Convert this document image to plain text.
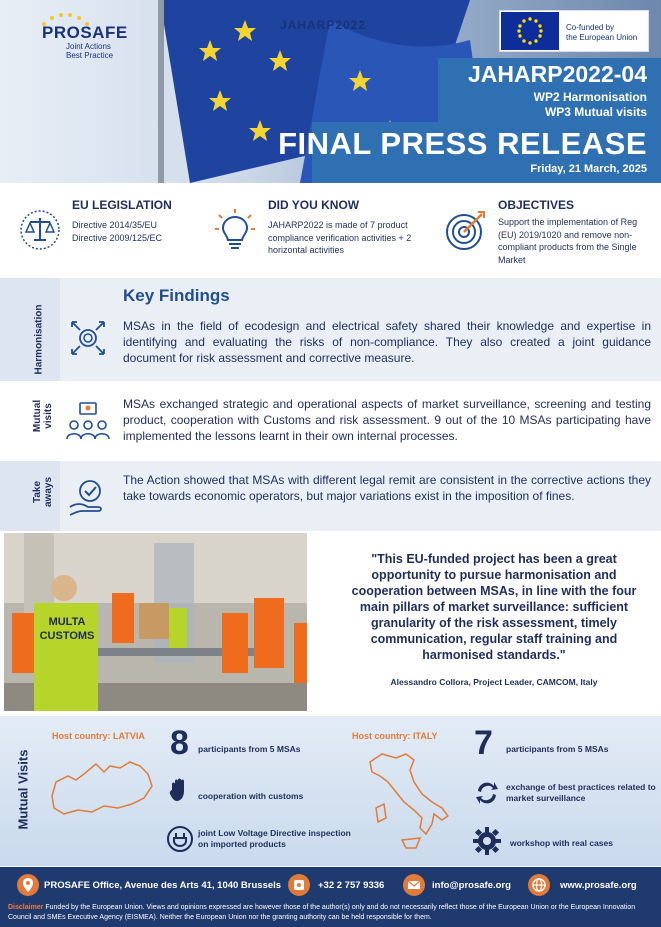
PROSAFE
Joint Actions
Best Practice
JAHARP2022	Co-funded by
the European Union
JAHARP2022-04
WP2 Harmonisation
WP3 Mutual visits
FINAL PRESS RELEASE
Friday, 21 March, 2025
EU LEGISLATION
Directive 2014/35/EU
Directive 2009/125/EC
DID YOU KNOW
JAHARP2022 is made of 7 product compliance verification activities + 2 horizontal activities
OBJECTIVES
Support the implementation of Reg (EU) 2019/1020 and remove non-compliant products from the Single Market
Key Findings
Harmonisation	MSAs in the field of ecodesign and electrical safety shared their knowledge and expertise in identifying and evaluating the risks of non-compliance. They also created a joint guidance document for risk assessment and corrective measure.
Mutual visits	MSAs exchanged strategic and operational aspects of market surveillance, screening and testing product, cooperation with Customs and risk assessment. 9 out of the 10 MSAs participating have implemented the lessons learnt in their own internal processes.
Take aways	The Action showed that MSAs with different legal remit are consistent in the corrective actions they take towards economic operators, but major variations exist in the imposition of fines.
MULTA
CUSTOMS
"This EU-funded project has been a great opportunity to pursue harmonisation and cooperation between MSAs, in line with the four main pillars of market surveillance: sufficient granularity of the risk assessment, timely communication, regular staff training and harmonised standards."
Alessandro Collora, Project Leader, CAMCOM, Italy
Mutual Visits
Host country: LATVIA 8 participants from 5 MSAs
cooperation with customs
joint Low Voltage Directive inspection on imported products
Host country: ITALY 7 participants from 5 MSAs
exchange of best practices related to market surveillance
workshop with real cases
PROSAFE Office, Avenue des Arts 41, 1040 Brussels	+32 2 757 9336	info@prosafe.org	www.prosafe.org
Disclaimer Funded by the European Union. Views and opinions expressed are however those of the author(s) only and do not necessarily reflect those of the European Union or the European Innovation Council and SMEs Executive Agency (EISMEA). Neither the European Union nor the granting authority can be held responsible for them.
